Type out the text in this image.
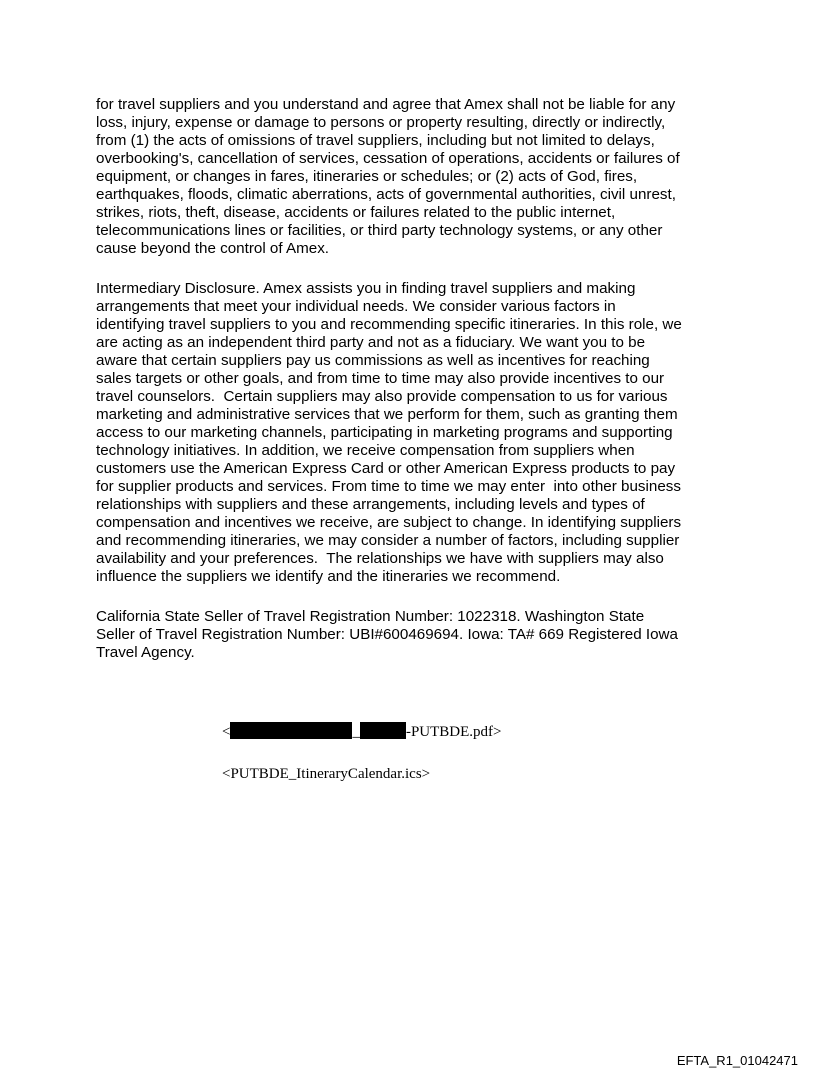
for travel suppliers and you understand and agree that Amex shall not be liable for any
loss, injury, expense or damage to persons or property resulting, directly or indirectly,
from (1) the acts of omissions of travel suppliers, including but not limited to delays,
overbooking's, cancellation of services, cessation of operations, accidents or failures of
equipment, or changes in fares, itineraries or schedules; or (2) acts of God, fires,
earthquakes, floods, climatic aberrations, acts of governmental authorities, civil unrest,
strikes, riots, theft, disease, accidents or failures related to the public internet,
telecommunications lines or facilities, or third party technology systems, or any other
cause beyond the control of Amex.
Intermediary Disclosure. Amex assists you in finding travel suppliers and making
arrangements that meet your individual needs. We consider various factors in
identifying travel suppliers to you and recommending specific itineraries. In this role, we
are acting as an independent third party and not as a fiduciary. We want you to be
aware that certain suppliers pay us commissions as well as incentives for reaching
sales targets or other goals, and from time to time may also provide incentives to our
travel counselors.  Certain suppliers may also provide compensation to us for various
marketing and administrative services that we perform for them, such as granting them
access to our marketing channels, participating in marketing programs and supporting
technology initiatives. In addition, we receive compensation from suppliers when
customers use the American Express Card or other American Express products to pay
for supplier products and services. From time to time we may enter  into other business
relationships with suppliers and these arrangements, including levels and types of
compensation and incentives we receive, are subject to change. In identifying suppliers
and recommending itineraries, we may consider a number of factors, including supplier
availability and your preferences.  The relationships we have with suppliers may also
influence the suppliers we identify and the itineraries we recommend.
California State Seller of Travel Registration Number: 1022318. Washington State
Seller of Travel Registration Number: UBI#600469694. Iowa: TA# 669 Registered Iowa
Travel Agency.
<	_	-PUTBDE.pdf>
<PUTBDE_ItineraryCalendar.ics>
EFTA_R1_01042471
